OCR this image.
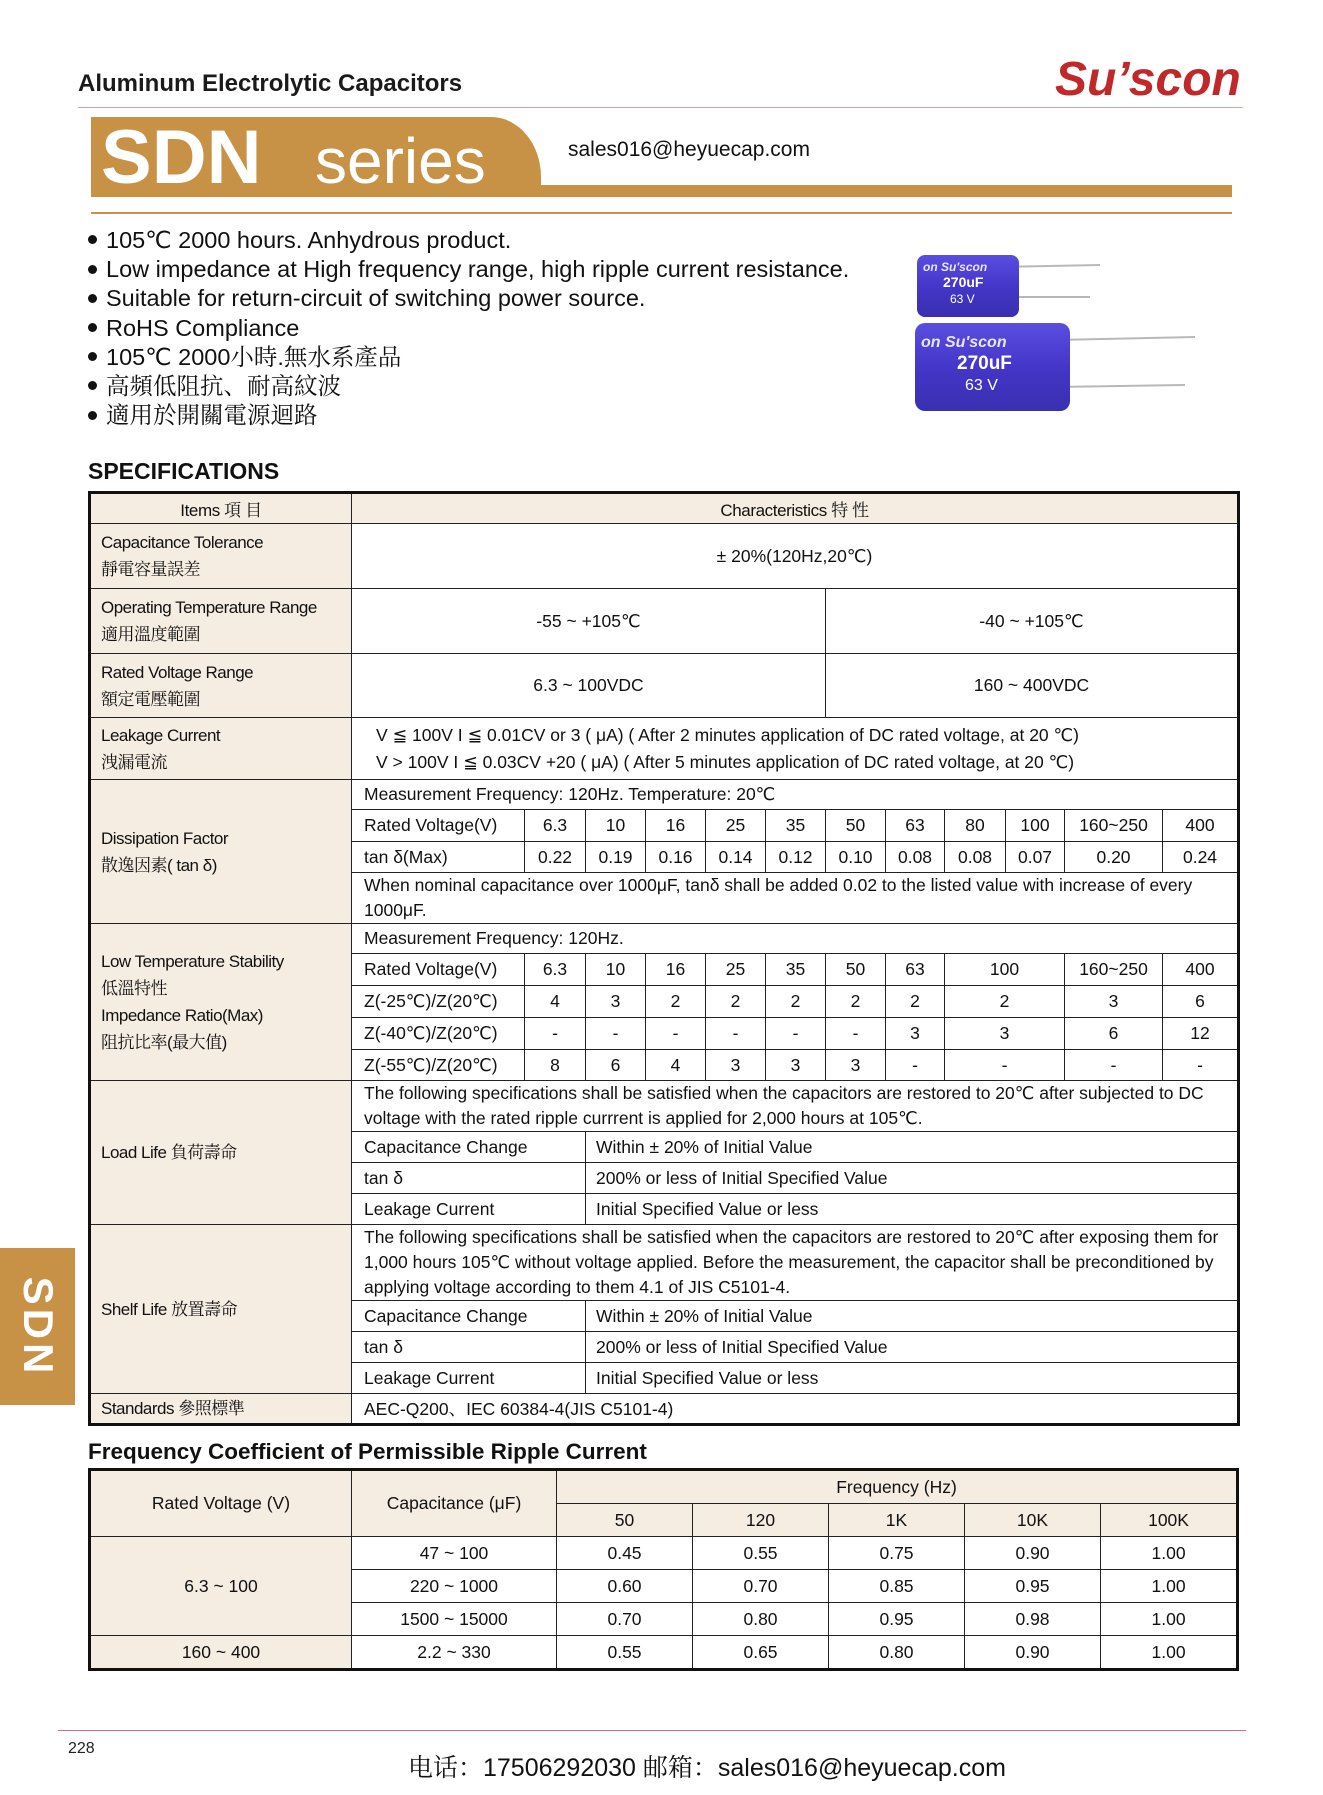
Aluminum Electrolytic Capacitors	Su’scon
SDN series	sales016@heyuecap.com
105℃ 2000 hours. Anhydrous product.
Low impedance at High frequency range, high ripple current resistance.
Suitable for return-circuit of switching power source.
RoHS Compliance
105℃ 2000小時.無水系產品
高頻低阻抗、耐高紋波
適用於開關電源迴路
on Su'scon
270uF
63 V
on Su'scon
270uF
63 V
SPECIFICATIONS
Items 項 目	Characteristics 特 性											

Capacitance Tolerance
靜電容量誤差	± 20%(120Hz,20℃)											

Operating Temperature Range
適用溫度範圍	-55 ~ +105℃						-40 ~ +105℃					

Rated Voltage Range
額定電壓範圍	6.3 ~ 100VDC						160 ~ 400VDC					

Leakage Current
洩漏電流

V ≦ 100V I ≦ 0.01CV or 3 ( μA) ( After 2 minutes application of DC rated voltage, at 20 ℃)
V > 100V I ≦ 0.03CV +20 ( μA) ( After 5 minutes application of DC rated voltage, at 20 ℃)

Dissipation Factor
散逸因素( tan δ)	Measurement Frequency: 120Hz. Temperature: 20℃											
	Rated Voltage(V)	6.3	10	16	25	35	50	63	80	100	160~250	400
	tan δ(Max)	0.22	0.19	0.16	0.14	0.12	0.10	0.08	0.08	0.07	0.20	0.24
	When nominal capacitance over 1000μF, tanδ shall be added 0.02 to the listed value with increase of every 1000μF.											

Low Temperature Stability
低溫特性
Impedance Ratio(Max)
阻抗比率(最大值)	Measurement Frequency: 120Hz.											
	Rated Voltage(V)	6.3	10	16	25	35	50	63	100		160~250	400
	Z(-25℃)/Z(20℃)	4	3	2	2	2	2	2	2		3	6
	Z(-40℃)/Z(20℃)	-	-	-	-	-	-	3	3		6	12
	Z(-55℃)/Z(20℃)	8	6	4	3	3	3	-	-		-	-
Load Life 負荷壽命	The following specifications shall be satisfied when the capacitors are restored to 20℃ after subjected to DC voltage with the rated ripple currrent is applied for 2,000 hours at 105℃.											
	Capacitance Change		Within ± 20% of Initial Value									
	tan δ		200% or less of Initial Specified Value									
	Leakage Current		Initial Specified Value or less									
Shelf Life 放置壽命	The following specifications shall be satisfied when the capacitors are restored to 20℃ after exposing them for 1,000 hours 105℃ without voltage applied. Before the measurement, the capacitor shall be preconditioned by applying voltage according to them 4.1 of JIS C5101-4.											
	Capacitance Change		Within ± 20% of Initial Value									
	tan δ		200% or less of Initial Specified Value									
	Leakage Current		Initial Specified Value or less									
Standards 參照標準	AEC-Q200、IEC 60384-4(JIS C5101-4)											
SDN
Frequency Coefficient of Permissible Ripple Current
Rated Voltage (V)	Capacitance (μF)	Frequency (Hz)				
		50	120	1K	10K	100K
6.3 ~ 100	47 ~ 100	0.45	0.55	0.75	0.90	1.00
	220 ~ 1000	0.60	0.70	0.85	0.95	1.00
	1500 ~ 15000	0.70	0.80	0.95	0.98	1.00
160 ~ 400	2.2 ~ 330	0.55	0.65	0.80	0.90	1.00
228
电话：17506292030 邮箱：sales016@heyuecap.com
